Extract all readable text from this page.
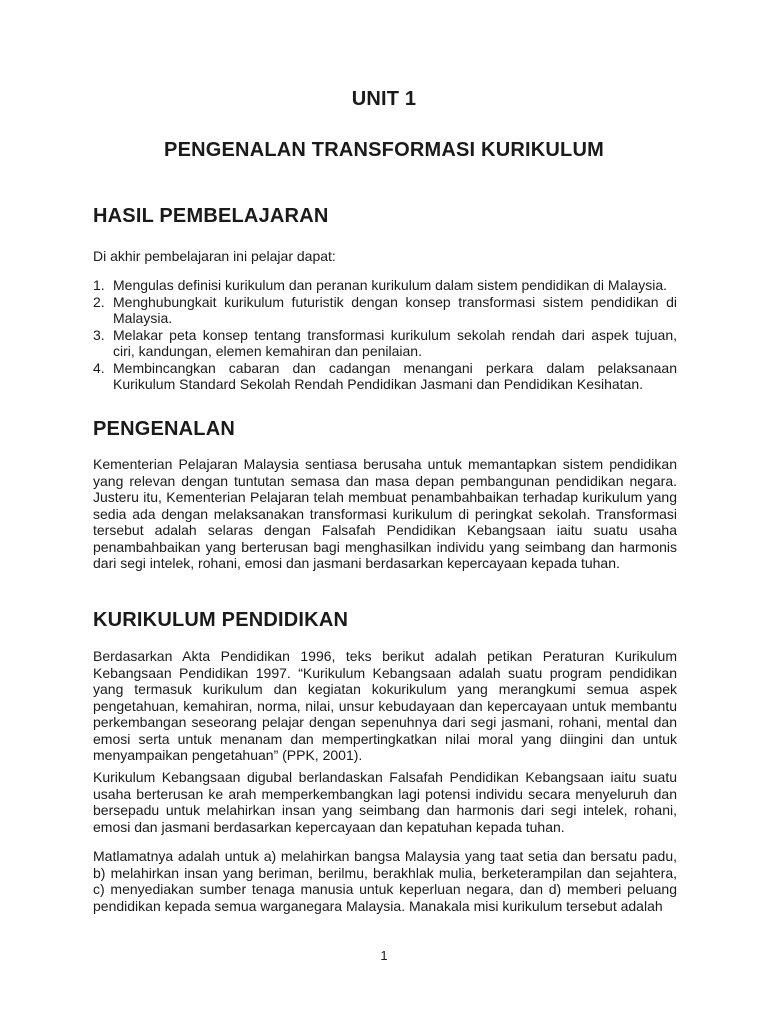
UNIT 1
PENGENALAN TRANSFORMASI KURIKULUM
HASIL PEMBELAJARAN
Di akhir pembelajaran ini pelajar dapat:
1. Mengulas definisi kurikulum dan peranan kurikulum dalam sistem pendidikan di Malaysia.
2. Menghubungkait kurikulum futuristik dengan konsep transformasi sistem pendidikan di Malaysia.
3. Melakar peta konsep tentang transformasi kurikulum sekolah rendah dari aspek tujuan, ciri, kandungan, elemen kemahiran dan penilaian.
4. Membincangkan cabaran dan cadangan menangani perkara dalam pelaksanaan Kurikulum Standard Sekolah Rendah Pendidikan Jasmani dan Pendidikan Kesihatan.
PENGENALAN
Kementerian Pelajaran Malaysia sentiasa berusaha untuk memantapkan sistem pendidikan yang relevan dengan tuntutan semasa dan masa depan pembangunan pendidikan negara. Justeru itu, Kementerian Pelajaran telah membuat penambahbaikan terhadap kurikulum yang sedia ada dengan melaksanakan transformasi kurikulum di peringkat sekolah. Transformasi tersebut adalah selaras dengan Falsafah Pendidikan Kebangsaan iaitu suatu usaha penambahbaikan yang berterusan bagi menghasilkan individu yang seimbang dan harmonis dari segi intelek, rohani, emosi dan jasmani berdasarkan kepercayaan kepada tuhan.
KURIKULUM PENDIDIKAN
Berdasarkan Akta Pendidikan 1996, teks berikut adalah petikan Peraturan Kurikulum Kebangsaan Pendidikan 1997. “Kurikulum Kebangsaan adalah suatu program pendidikan yang termasuk kurikulum dan kegiatan kokurikulum yang merangkumi semua aspek pengetahuan, kemahiran, norma, nilai, unsur kebudayaan dan kepercayaan untuk membantu perkembangan seseorang pelajar dengan sepenuhnya dari segi jasmani, rohani, mental dan emosi serta untuk menanam dan mempertingkatkan nilai moral yang diingini dan untuk menyampaikan pengetahuan” (PPK, 2001).
Kurikulum Kebangsaan digubal berlandaskan Falsafah Pendidikan Kebangsaan iaitu suatu usaha berterusan ke arah memperkembangkan lagi potensi individu secara menyeluruh dan bersepadu untuk melahirkan insan yang seimbang dan harmonis dari segi intelek, rohani, emosi dan jasmani berdasarkan kepercayaan dan kepatuhan kepada tuhan.
Matlamatnya adalah untuk a) melahirkan bangsa Malaysia yang taat setia dan bersatu padu, b) melahirkan insan yang beriman, berilmu, berakhlak mulia, berketerampilan dan sejahtera, c) menyediakan sumber tenaga manusia untuk keperluan negara, dan d) memberi peluang pendidikan kepada semua warganegara Malaysia. Manakala misi kurikulum tersebut adalah
1
